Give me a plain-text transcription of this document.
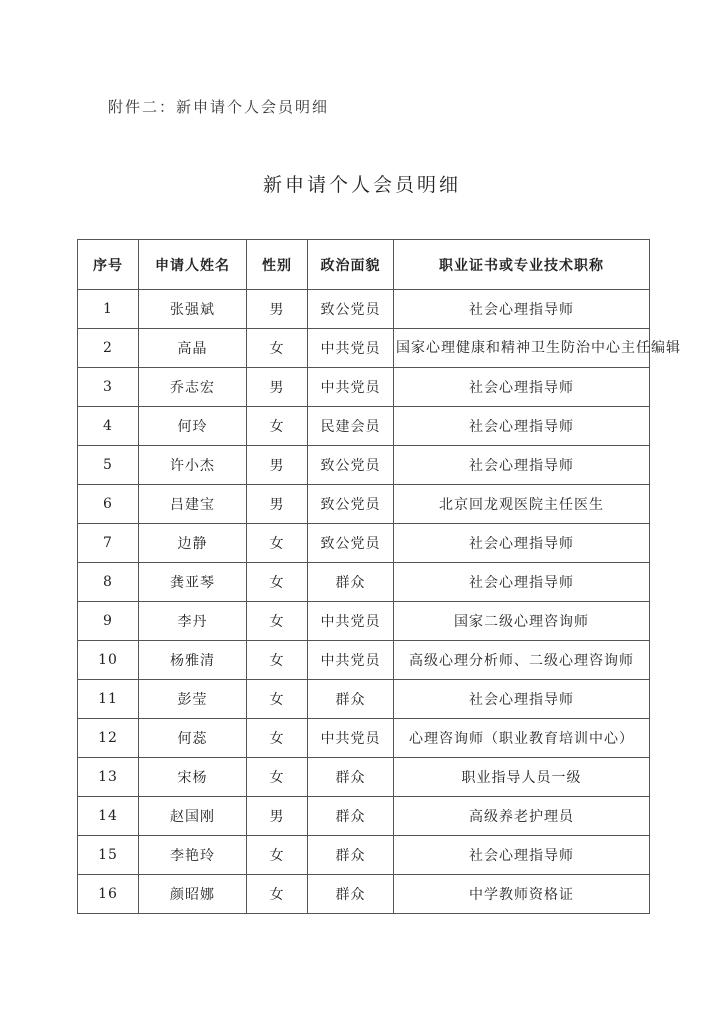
附件二：新申请个人会员明细
新申请个人会员明细
序号	申请人姓名	性别	政治面貌	职业证书或专业技术职称
1	张强斌	男	致公党员	社会心理指导师
2	高晶	女	中共党员	国家心理健康和精神卫生防治中心主任编辑
3	乔志宏	男	中共党员	社会心理指导师
4	何玲	女	民建会员	社会心理指导师
5	许小杰	男	致公党员	社会心理指导师
6	吕建宝	男	致公党员	北京回龙观医院主任医生
7	边静	女	致公党员	社会心理指导师
8	龚亚琴	女	群众	社会心理指导师
9	李丹	女	中共党员	国家二级心理咨询师
10	杨雅清	女	中共党员	高级心理分析师、二级心理咨询师
11	彭莹	女	群众	社会心理指导师
12	何蕊	女	中共党员	心理咨询师（职业教育培训中心）
13	宋杨	女	群众	职业指导人员一级
14	赵国刚	男	群众	高级养老护理员
15	李艳玲	女	群众	社会心理指导师
16	颜昭娜	女	群众	中学教师资格证
